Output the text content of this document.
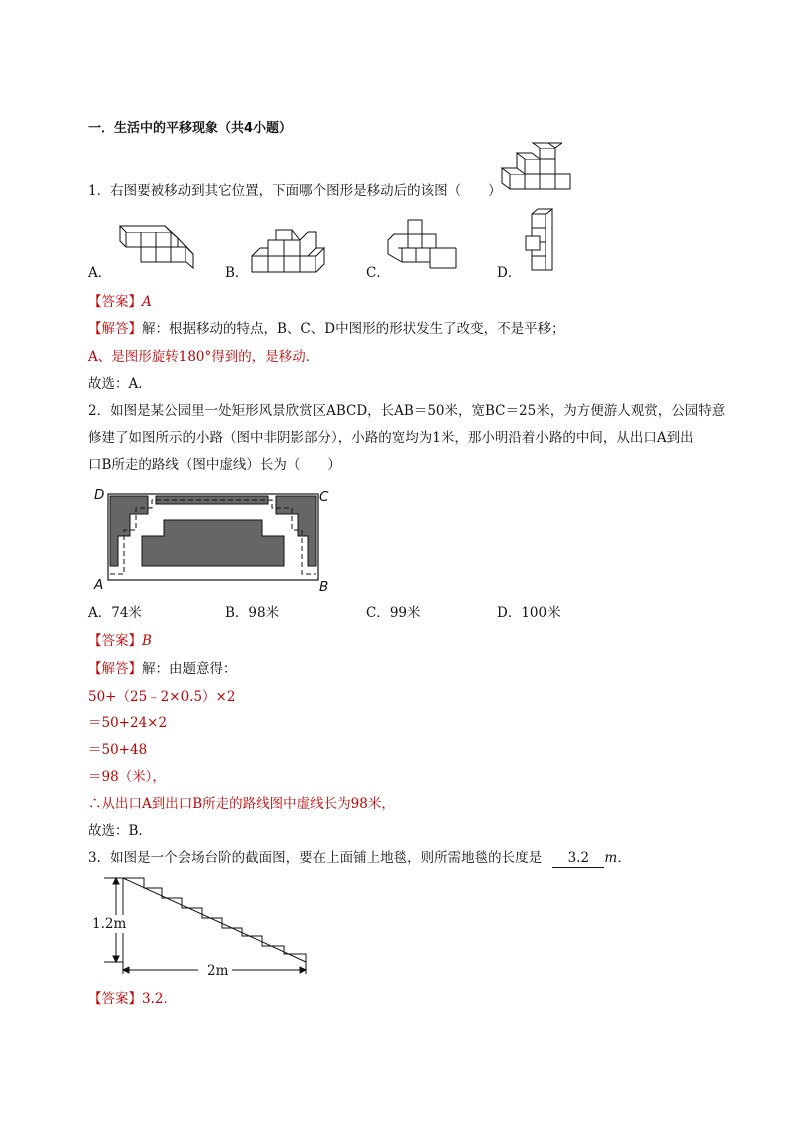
一．生活中的平移现象（共4小题）
1．右图要被移动到其它位置，下面哪个图形是移动后的该图（　　）
A．	B．	C．	D．
【答案】A
【解答】解：根据移动的特点，B、C、D中图形的形状发生了改变，不是平移；
A、是图形旋转180°得到的，是移动．
故选：A．
2．如图是某公园里一处矩形风景欣赏区ABCD，长AB＝50米，宽BC＝25米，为方便游人观赏，公园特意
修建了如图所示的小路（图中非阴影部分），小路的宽均为1米，那小明沿着小路的中间，从出口A到出
口B所走的路线（图中虚线）长为（　　）
D	C
A	B
A．74米	B．98米	C．99米	D．100米
【答案】B
【解答】解：由题意得：
50+（25﹣2×0.5）×2
＝50+24×2
＝50+48
＝98（米），
∴从出口A到出口B所走的路线图中虚线长为98米，
故选：B．
3．如图是一个会场台阶的截面图，要在上面铺上地毯，则所需地毯的长度是 3.2 m．
1.2m
2m
【答案】3.2．
